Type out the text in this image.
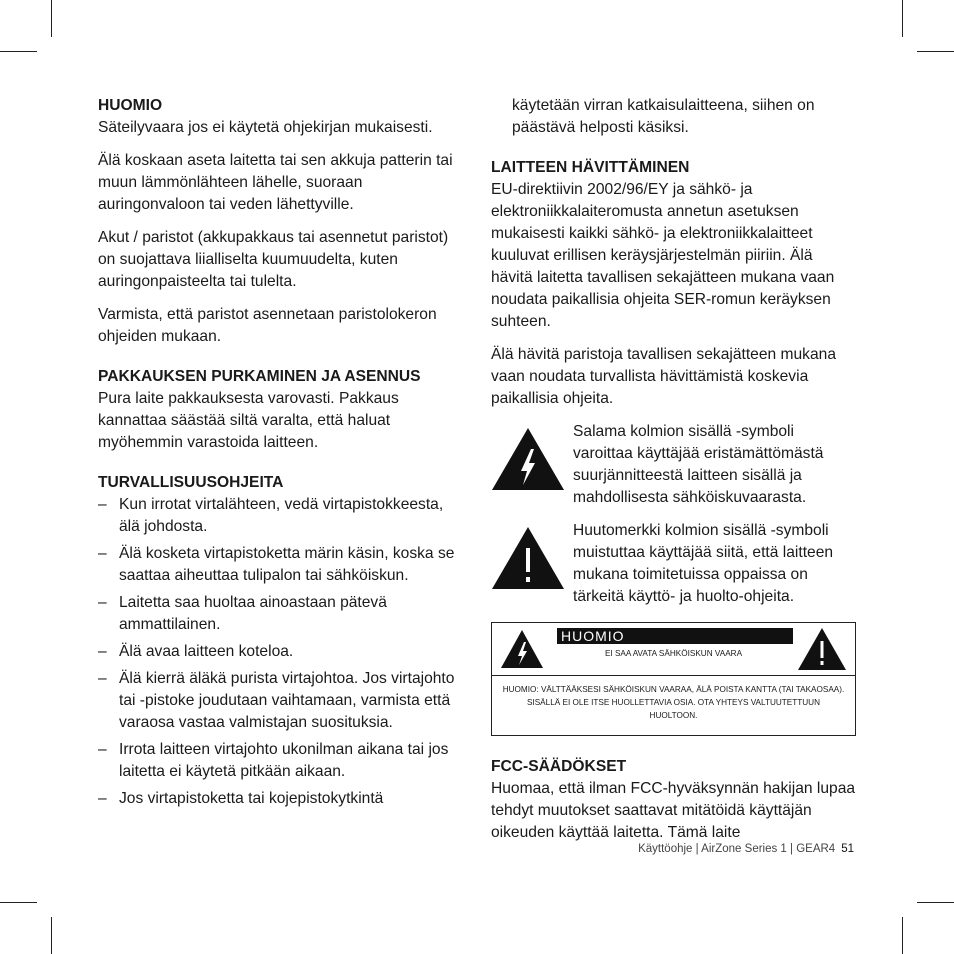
HUOMIO

Säteilyvaara jos ei käytetä ohjekirjan mukaisesti.

Älä koskaan aseta laitetta tai sen akkuja patterin tai muun lämmönlähteen lähelle, suoraan auringonvaloon tai veden lähettyville.

Akut / paristot (akkupakkaus tai asennetut paristot) on suojattava liialliselta kuumuudelta, kuten auringonpaisteelta tai tulelta.

Varmista, että paristot asennetaan paristolokeron ohjeiden mukaan.

PAKKAUKSEN PURKAMINEN JA ASENNUS

Pura laite pakkauksesta varovasti. Pakkaus kannattaa säästää siltä varalta, että haluat myöhemmin varastoida laitteen.

TURVALLISUUSOHJEITA

– Kun irrotat virtalähteen, vedä virtapistokkeesta, älä johdosta.
– Älä kosketa virtapistoketta märin käsin, koska se saattaa aiheuttaa tulipalon tai sähköiskun.
– Laitetta saa huoltaa ainoastaan pätevä ammattilainen.
– Älä avaa laitteen koteloa.
– Älä kierrä äläkä purista virtajohtoa. Jos virtajohto tai -pistoke joudutaan vaihtamaan, varmista että varaosa vastaa valmistajan suosituksia.
– Irrota laitteen virtajohto ukonilman aikana tai jos laitetta ei käytetä pitkään aikaan.
– Jos virtapistoketta tai kojepistokytkintä

käytetään virran katkaisulaitteena, siihen on päästävä helposti käsiksi.

LAITTEEN HÄVITTÄMINEN

EU-direktiivin 2002/96/EY ja sähkö- ja elektroniikkalaiteromusta annetun asetuksen mukaisesti kaikki sähkö- ja elektroniikkalaitteet kuuluvat erillisen keräysjärjestelmän piiriin. Älä hävitä laitetta tavallisen sekajätteen mukana vaan noudata paikallisia ohjeita SER-romun keräyksen suhteen.

Älä hävitä paristoja tavallisen sekajätteen mukana vaan noudata turvallista hävittämistä koskevia paikallisia ohjeita.

Salama kolmion sisällä -symboli varoittaa käyttäjää eristämättömästä suurjännitteestä laitteen sisällä ja mahdollisesta sähköiskuvaarasta.
Huutomerkki kolmion sisällä -symboli muistuttaa käyttäjää siitä, että laitteen mukana toimitetuissa oppaissa on tärkeitä käyttö- ja huolto-ohjeita.
HUOMIO
EI SAA AVATA SÄHKÖISKUN VAARA
HUOMIO: VÄLTTÄÄKSESI SÄHKÖISKUN VAARAA, ÄLÄ POISTA KANTTA (TAI TAKAOSAA). SISÄLLÄ EI OLE ITSE HUOLLETTAVIA OSIA. OTA YHTEYS VALTUUTETTUUN HUOLTOON.

FCC-SÄÄDÖKSET

Huomaa, että ilman FCC-hyväksynnän hakijan lupaa tehdyt muutokset saattavat mitätöidä käyttäjän oikeuden käyttää laitetta. Tämä laite

Käyttöohje | AirZone Series 1 | GEAR4 51
